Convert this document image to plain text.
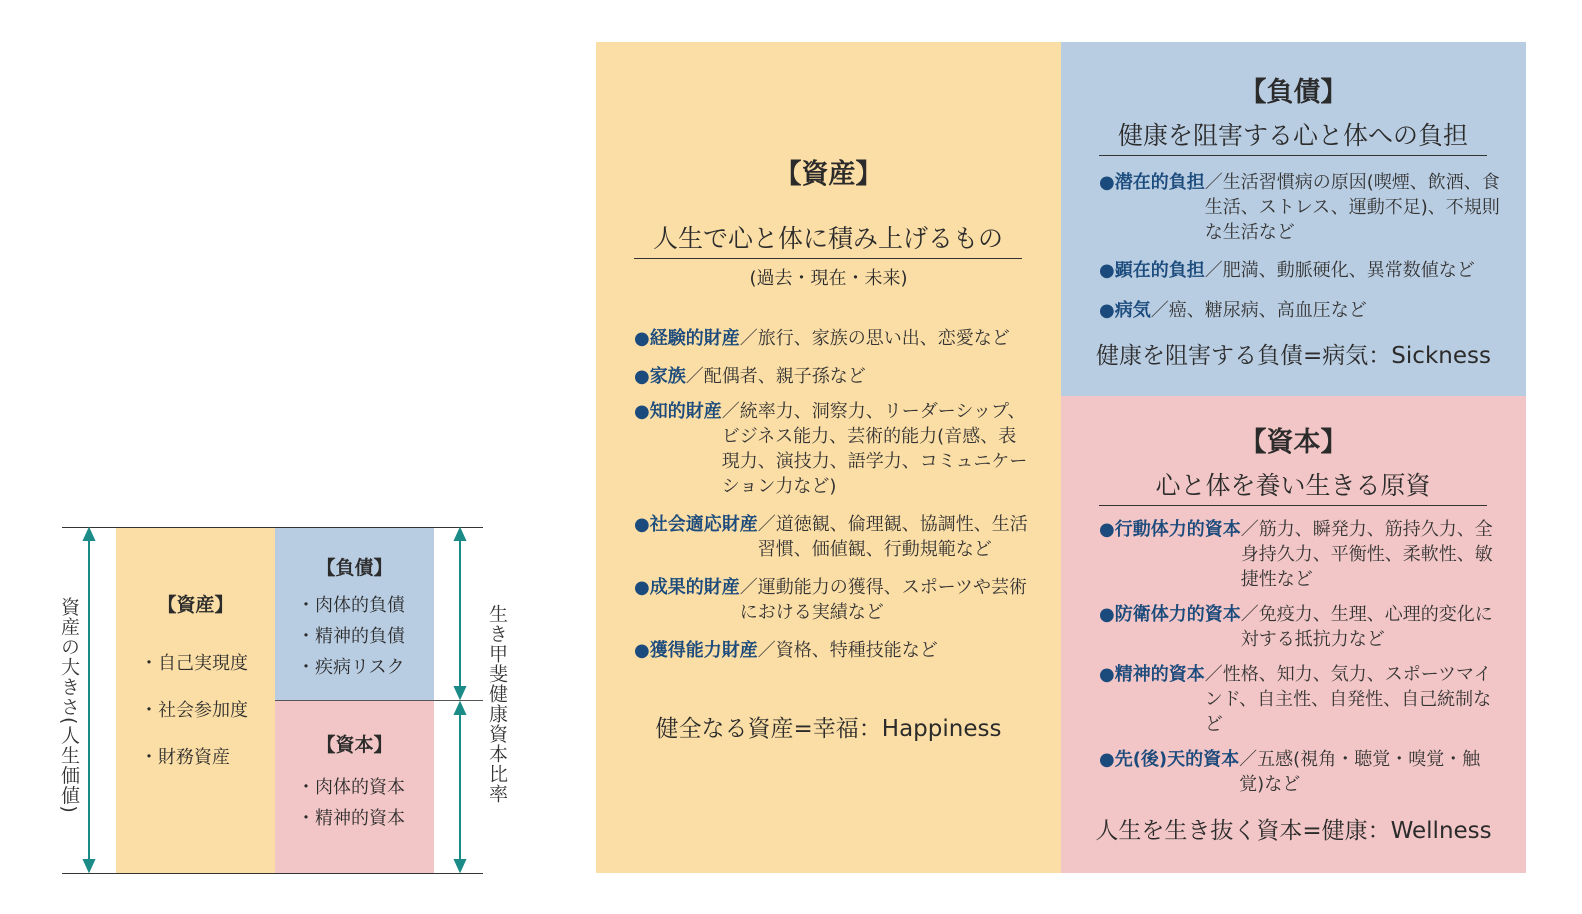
【資産】
・自己実現度
・社会参加度
・財務資産
【負債】
・肉体的負債
・精神的負債
・疾病リスク
【資本】
・肉体的資本
・精神的資本
資産の大きさ(人生価値)	生き甲斐健康資本比率
【資産】
人生で心と体に積み上げるもの
(過去・現在・未来)
●経験的財産 ／旅行、家族の思い出、恋愛など
●家族 ／配偶者、親子孫など
●知的財産 ／統率力、洞察力、リーダーシップ、ビジネス能力、芸術的能力(音感、表現力、演技力、語学力、コミュニケーション力など)
●社会適応財産 ／道徳観、倫理観、協調性、生活習慣、価値観、行動規範など
●成果的財産 ／運動能力の獲得、スポーツや芸術における実績など
●獲得能力財産 ／資格、特種技能など
健全なる資産=幸福：Happiness
【負債】
健康を阻害する心と体への負担
●潜在的負担 ／生活習慣病の原因(喫煙、飲酒、食生活、ストレス、運動不足)、不規則な生活など
●顕在的負担 ／肥満、動脈硬化、異常数値など
●病気 ／癌、糖尿病、高血圧など
健康を阻害する負債=病気：Sickness
【資本】
心と体を養い生きる原資
●行動体力的資本 ／筋力、瞬発力、筋持久力、全身持久力、平衡性、柔軟性、敏捷性など
●防衛体力的資本 ／免疫力、生理、心理的変化に対する抵抗力など
●精神的資本 ／性格、知力、気力、スポーツマインド、自主性、自発性、自己統制など
●先(後)天的資本 ／五感(視角・聴覚・嗅覚・触覚)など
人生を生き抜く資本=健康：Wellness
